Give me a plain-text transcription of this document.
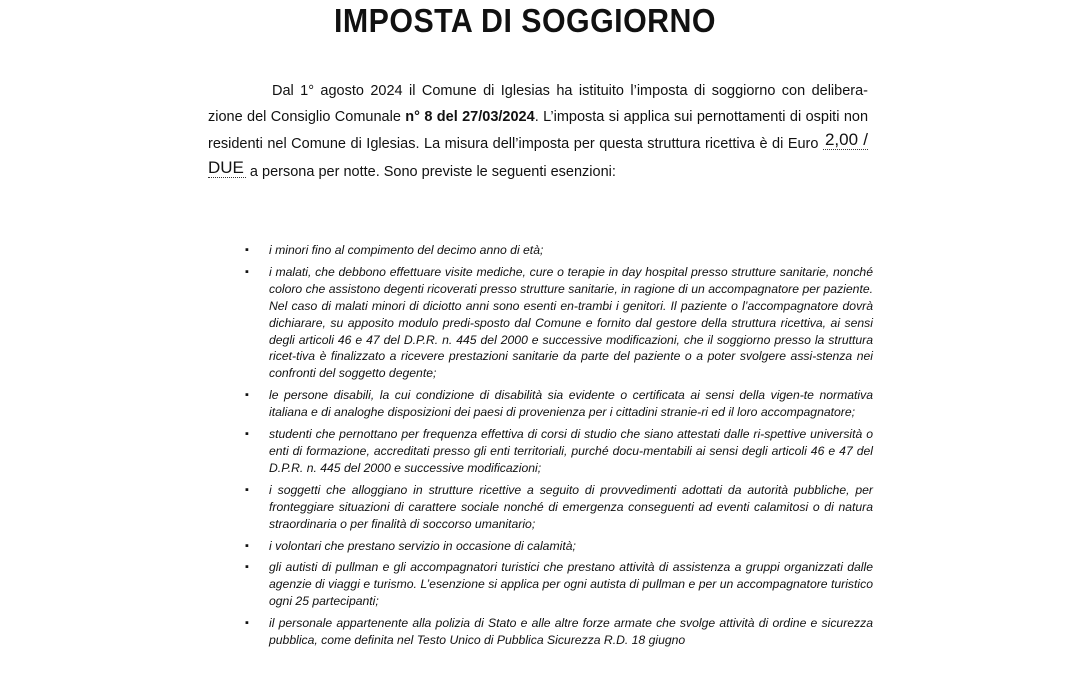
IMPOSTA DI SOGGIORNO

Dal 1° agosto 2024 il Comune di Iglesias ha istituito l’imposta di soggiorno con delibera-zione del Consiglio Comunale n° 8 del 27/03/2024. L’imposta si applica sui pernottamenti di ospiti non residenti nel Comune di Iglesias. La misura dell’imposta per questa struttura ricettiva è di Euro 2,00 / DUE a persona per notte. Sono previste le seguenti esenzioni:

▪ i minori fino al compimento del decimo anno di età;
▪ i malati, che debbono effettuare visite mediche, cure o terapie in day hospital presso strutture sanitarie, nonché coloro che assistono degenti ricoverati presso strutture sanitarie, in ragione di un accompagnatore per paziente. Nel caso di malati minori di diciotto anni sono esenti en-trambi i genitori. Il paziente o l’accompagnatore dovrà dichiarare, su apposito modulo predi-sposto dal Comune e fornito dal gestore della struttura ricettiva, ai sensi degli articoli 46 e 47 del D.P.R. n. 445 del 2000 e successive modificazioni, che il soggiorno presso la struttura ricet-tiva è finalizzato a ricevere prestazioni sanitarie da parte del paziente o a poter svolgere assi-stenza nei confronti del soggetto degente;
▪ le persone disabili, la cui condizione di disabilità sia evidente o certificata ai sensi della vigen-te normativa italiana e di analoghe disposizioni dei paesi di provenienza per i cittadini stranie-ri ed il loro accompagnatore;
▪ studenti che pernottano per frequenza effettiva di corsi di studio che siano attestati dalle ri-spettive università o enti di formazione, accreditati presso gli enti territoriali, purché docu-mentabili ai sensi degli articoli 46 e 47 del D.P.R. n. 445 del 2000 e successive modificazioni;
▪ i soggetti che alloggiano in strutture ricettive a seguito di provvedimenti adottati da autorità pubbliche, per fronteggiare situazioni di carattere sociale nonché di emergenza conseguenti ad eventi calamitosi o di natura straordinaria o per finalità di soccorso umanitario;
▪ i volontari che prestano servizio in occasione di calamità;
▪ gli autisti di pullman e gli accompagnatori turistici che prestano attività di assistenza a gruppi organizzati dalle agenzie di viaggi e turismo. L’esenzione si applica per ogni autista di pullman e per un accompagnatore turistico ogni 25 partecipanti;
▪ il personale appartenente alla polizia di Stato e alle altre forze armate che svolge attività di ordine e sicurezza pubblica, come definita nel Testo Unico di Pubblica Sicurezza R.D. 18 giugno
